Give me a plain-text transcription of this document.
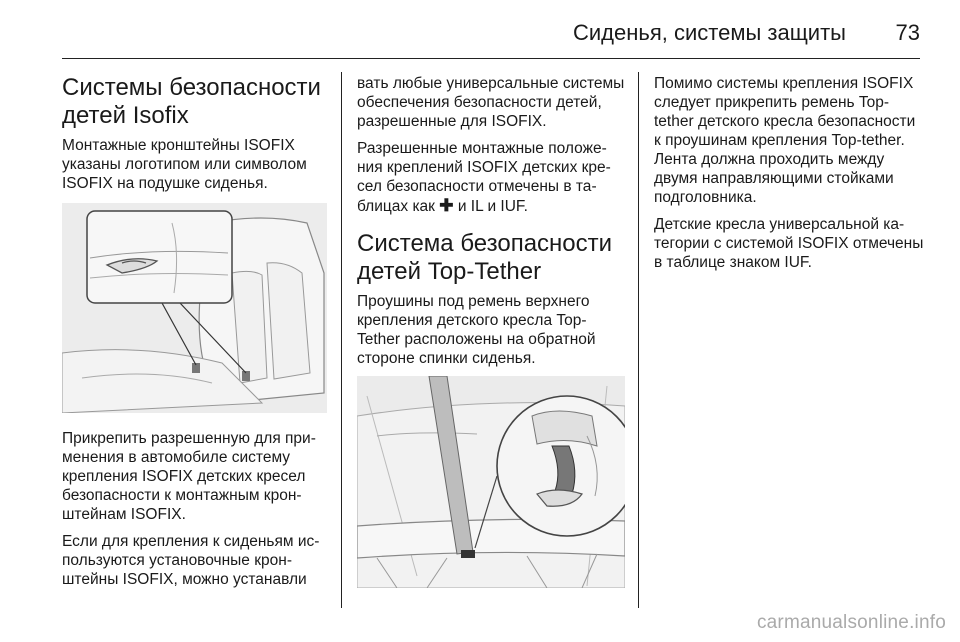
Сиденья, системы защиты 73
Системы безопасности детей Isofix

Монтажные кронштейны ISOFIX указаны логотипом или символом ISOFIX на подушке сиденья.

Прикрепить разрешенную для применения в автомобиле систему крепления ISOFIX детских кресел безопасности к монтажным кронштейнам ISOFIX.

Если для крепления к сиденьям используются установочные кронштейны ISOFIX, можно устанавли

вать любые универсальные системы обеспечения безопасности детей, разрешенные для ISOFIX.

Разрешенные монтажные положения креплений ISOFIX детских кресел безопасности отмечены в таблицах как ✚ и IL и IUF.

Система безопасности детей Top-Tether

Проушины под ремень верхнего крепления детского кресла Top-Tether расположены на обратной стороне спинки сиденья.

Помимо системы крепления ISOFIX следует прикрепить ремень Top-tether детского кресла безопасности к проушинам крепления Top-tether. Лента должна проходить между двумя направляющими стойками подголовника.

Детские кресла универсальной категории с системой ISOFIX отмечены в таблице знаком IUF.

carmanualsonline.info
